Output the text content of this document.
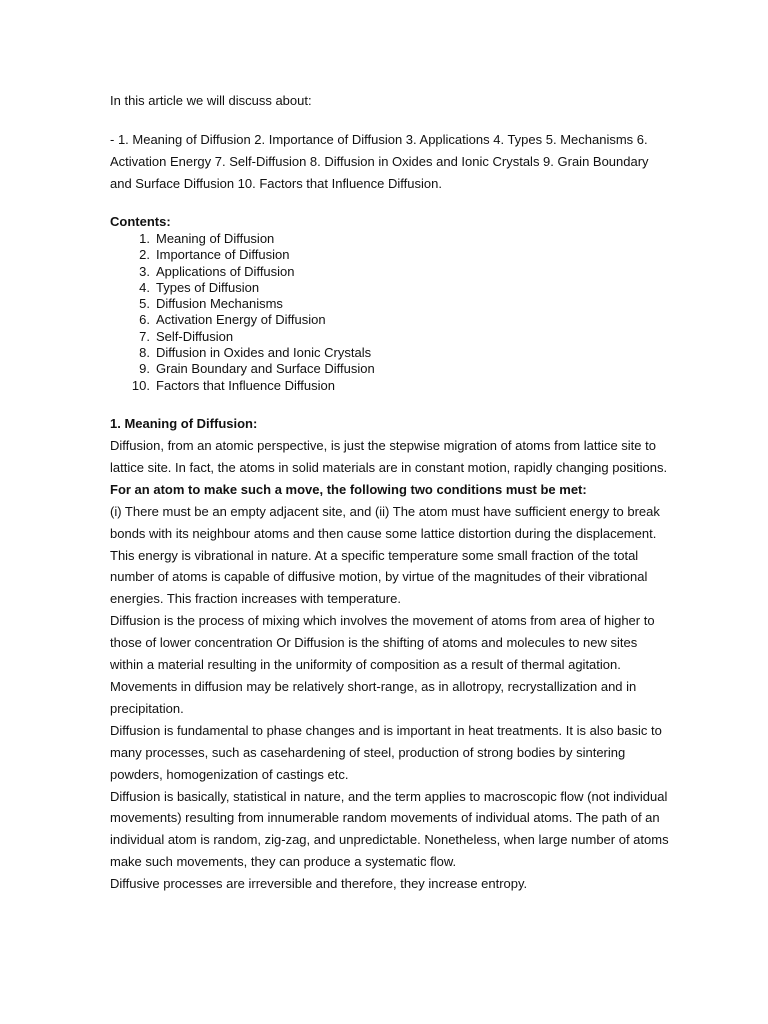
In this article we will discuss about:
- 1. Meaning of Diffusion 2. Importance of Diffusion 3. Applications 4. Types 5. Mechanisms 6. Activation Energy 7. Self-Diffusion 8. Diffusion in Oxides and Ionic Crystals 9. Grain Boundary and Surface Diffusion 10. Factors that Influence Diffusion.
Contents:
1. Meaning of Diffusion
2. Importance of Diffusion
3. Applications of Diffusion
4. Types of Diffusion
5. Diffusion Mechanisms
6. Activation Energy of Diffusion
7. Self-Diffusion
8. Diffusion in Oxides and Ionic Crystals
9. Grain Boundary and Surface Diffusion
10. Factors that Influence Diffusion
1. Meaning of Diffusion:

Diffusion, from an atomic perspective, is just the stepwise migration of atoms from lattice site to lattice site. In fact, the atoms in solid materials are in constant motion, rapidly changing positions.

For an atom to make such a move, the following two conditions must be met:

(i) There must be an empty adjacent site, and (ii) The atom must have sufficient energy to break bonds with its neighbour atoms and then cause some lattice distortion during the displacement. This energy is vibrational in nature. At a specific temperature some small fraction of the total number of atoms is capable of diffusive motion, by virtue of the magnitudes of their vibrational energies. This fraction increases with temperature.

Diffusion is the process of mixing which involves the movement of atoms from area of higher to those of lower concentration Or Diffusion is the shifting of atoms and molecules to new sites within a material resulting in the uniformity of composition as a result of thermal agitation.

Movements in diffusion may be relatively short-range, as in allotropy, recrystallization and in precipitation.

Diffusion is fundamental to phase changes and is important in heat treatments. It is also basic to many processes, such as casehardening of steel, production of strong bodies by sintering powders, homogenization of castings etc.

Diffusion is basically, statistical in nature, and the term applies to macroscopic flow (not individual movements) resulting from innumerable random movements of individual atoms. The path of an individual atom is random, zig-zag, and unpredictable. Nonetheless, when large number of atoms make such movements, they can produce a systematic flow.

Diffusive processes are irreversible and therefore, they increase entropy.
